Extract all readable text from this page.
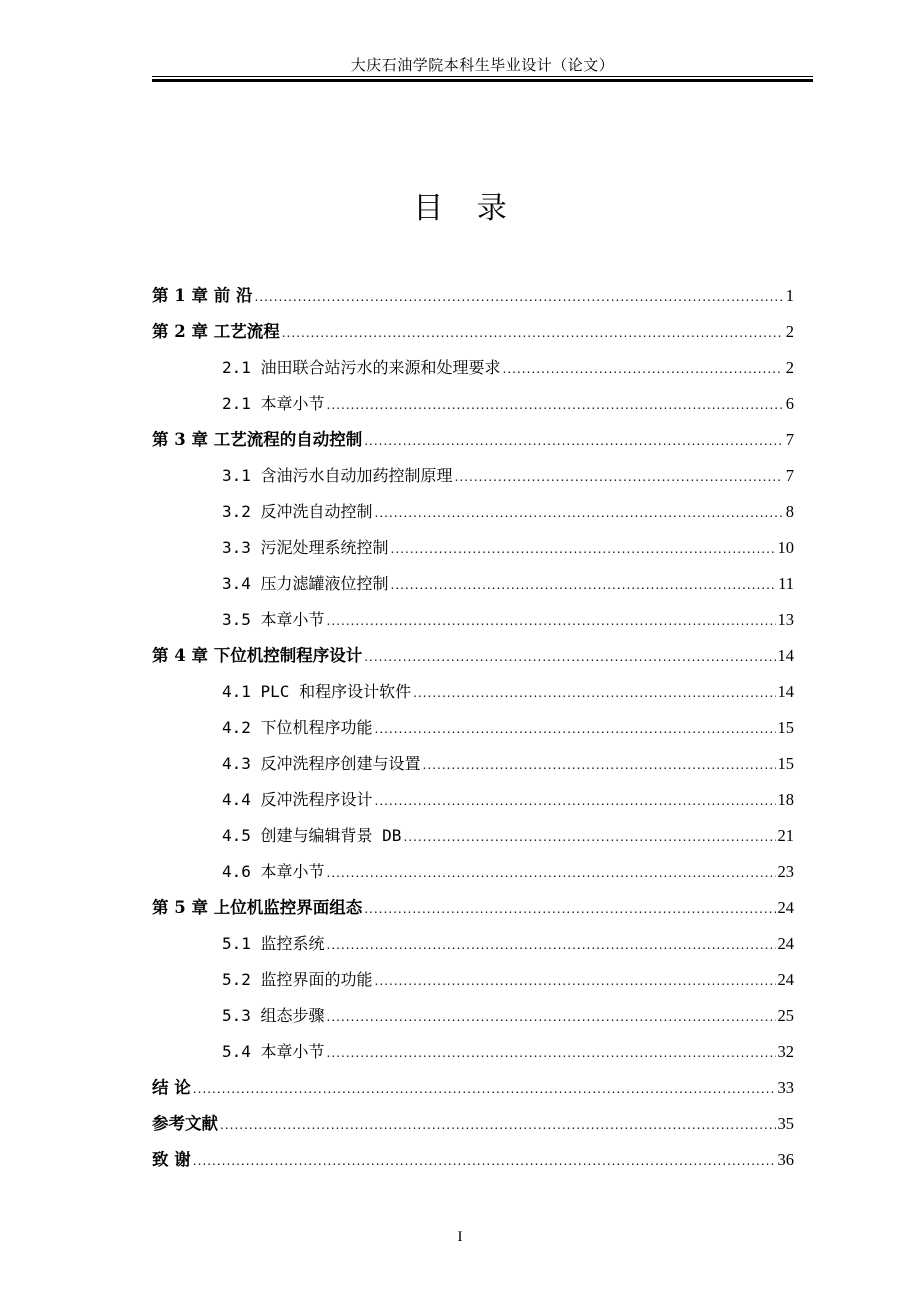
大庆石油学院本科生毕业设计（论文）
目 录
第 1 章 前 沿 .....	1
第 2 章 工艺流程 .....	2
2.1 油田联合站污水的来源和处理要求 .....	2
2.1 本章小节 .....	6
第 3 章 工艺流程的自动控制 .....	7
3.1 含油污水自动加药控制原理 .....	7
3.2 反冲洗自动控制 .....	8
3.3 污泥处理系统控制 .....	10
3.4 压力滤罐液位控制 .....	11
3.5 本章小节 .....	13
第 4 章 下位机控制程序设计 .....	14
4.1 PLC 和程序设计软件 .....	14
4.2 下位机程序功能 .....	15
4.3 反冲洗程序创建与设置 .....	15
4.4 反冲洗程序设计 .....	18
4.5 创建与编辑背景 DB .....	21
4.6 本章小节 .....	23
第 5 章 上位机监控界面组态 .....	24
5.1 监控系统 .....	24
5.2 监控界面的功能 .....	24
5.3 组态步骤 .....	25
5.4 本章小节 .....	32
结 论 .....	33
参考文献 .....	35
致 谢 .....	36
I
